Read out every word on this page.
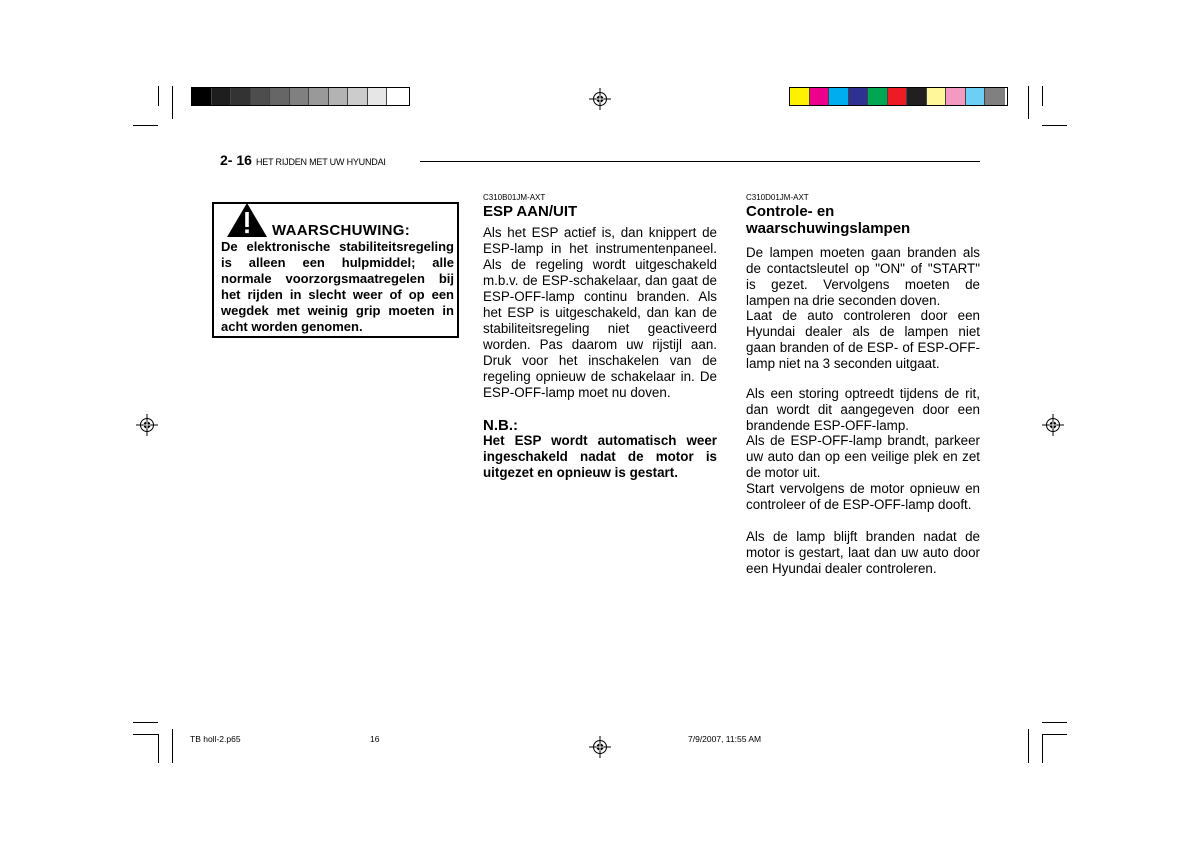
2- 16 HET RIJDEN MET UW HYUNDAI
WAARSCHUWING:
De elektronische stabiliteitsregeling is alleen een hulpmiddel; alle normale voorzorgsmaatregelen bij het rijden in slecht weer of op een wegdek met weinig grip moeten in acht worden genomen.
C310B01JM-AXT
ESP AAN/UIT
Als het ESP actief is, dan knippert de ESP-lamp in het instrumentenpaneel. Als de regeling wordt uitgeschakeld m.b.v. de ESP-schakelaar, dan gaat de ESP-OFF-lamp continu branden. Als het ESP is uitgeschakeld, dan kan de stabiliteitsregeling niet geactiveerd worden. Pas daarom uw rijstijl aan. Druk voor het inschakelen van de regeling opnieuw de schakelaar in. De ESP-OFF-lamp moet nu doven.
N.B.:
Het ESP wordt automatisch weer ingeschakeld nadat de motor is uitgezet en opnieuw is gestart.
C310D01JM-AXT
Controle- en
waarschuwingslampen
De lampen moeten gaan branden als de contactsleutel op "ON" of "START" is gezet. Vervolgens moeten de lampen na drie seconden doven.
Laat de auto controleren door een Hyundai dealer als de lampen niet gaan branden of de ESP- of ESP-OFF-lamp niet na 3 seconden uitgaat.
Als een storing optreedt tijdens de rit, dan wordt dit aangegeven door een brandende ESP-OFF-lamp.
Als de ESP-OFF-lamp brandt, parkeer uw auto dan op een veilige plek en zet de motor uit.
Start vervolgens de motor opnieuw en controleer of de ESP-OFF-lamp dooft.
Als de lamp blijft branden nadat de motor is gestart, laat dan uw auto door een Hyundai dealer controleren.
TB holl-2.p65	16	7/9/2007, 11:55 AM
